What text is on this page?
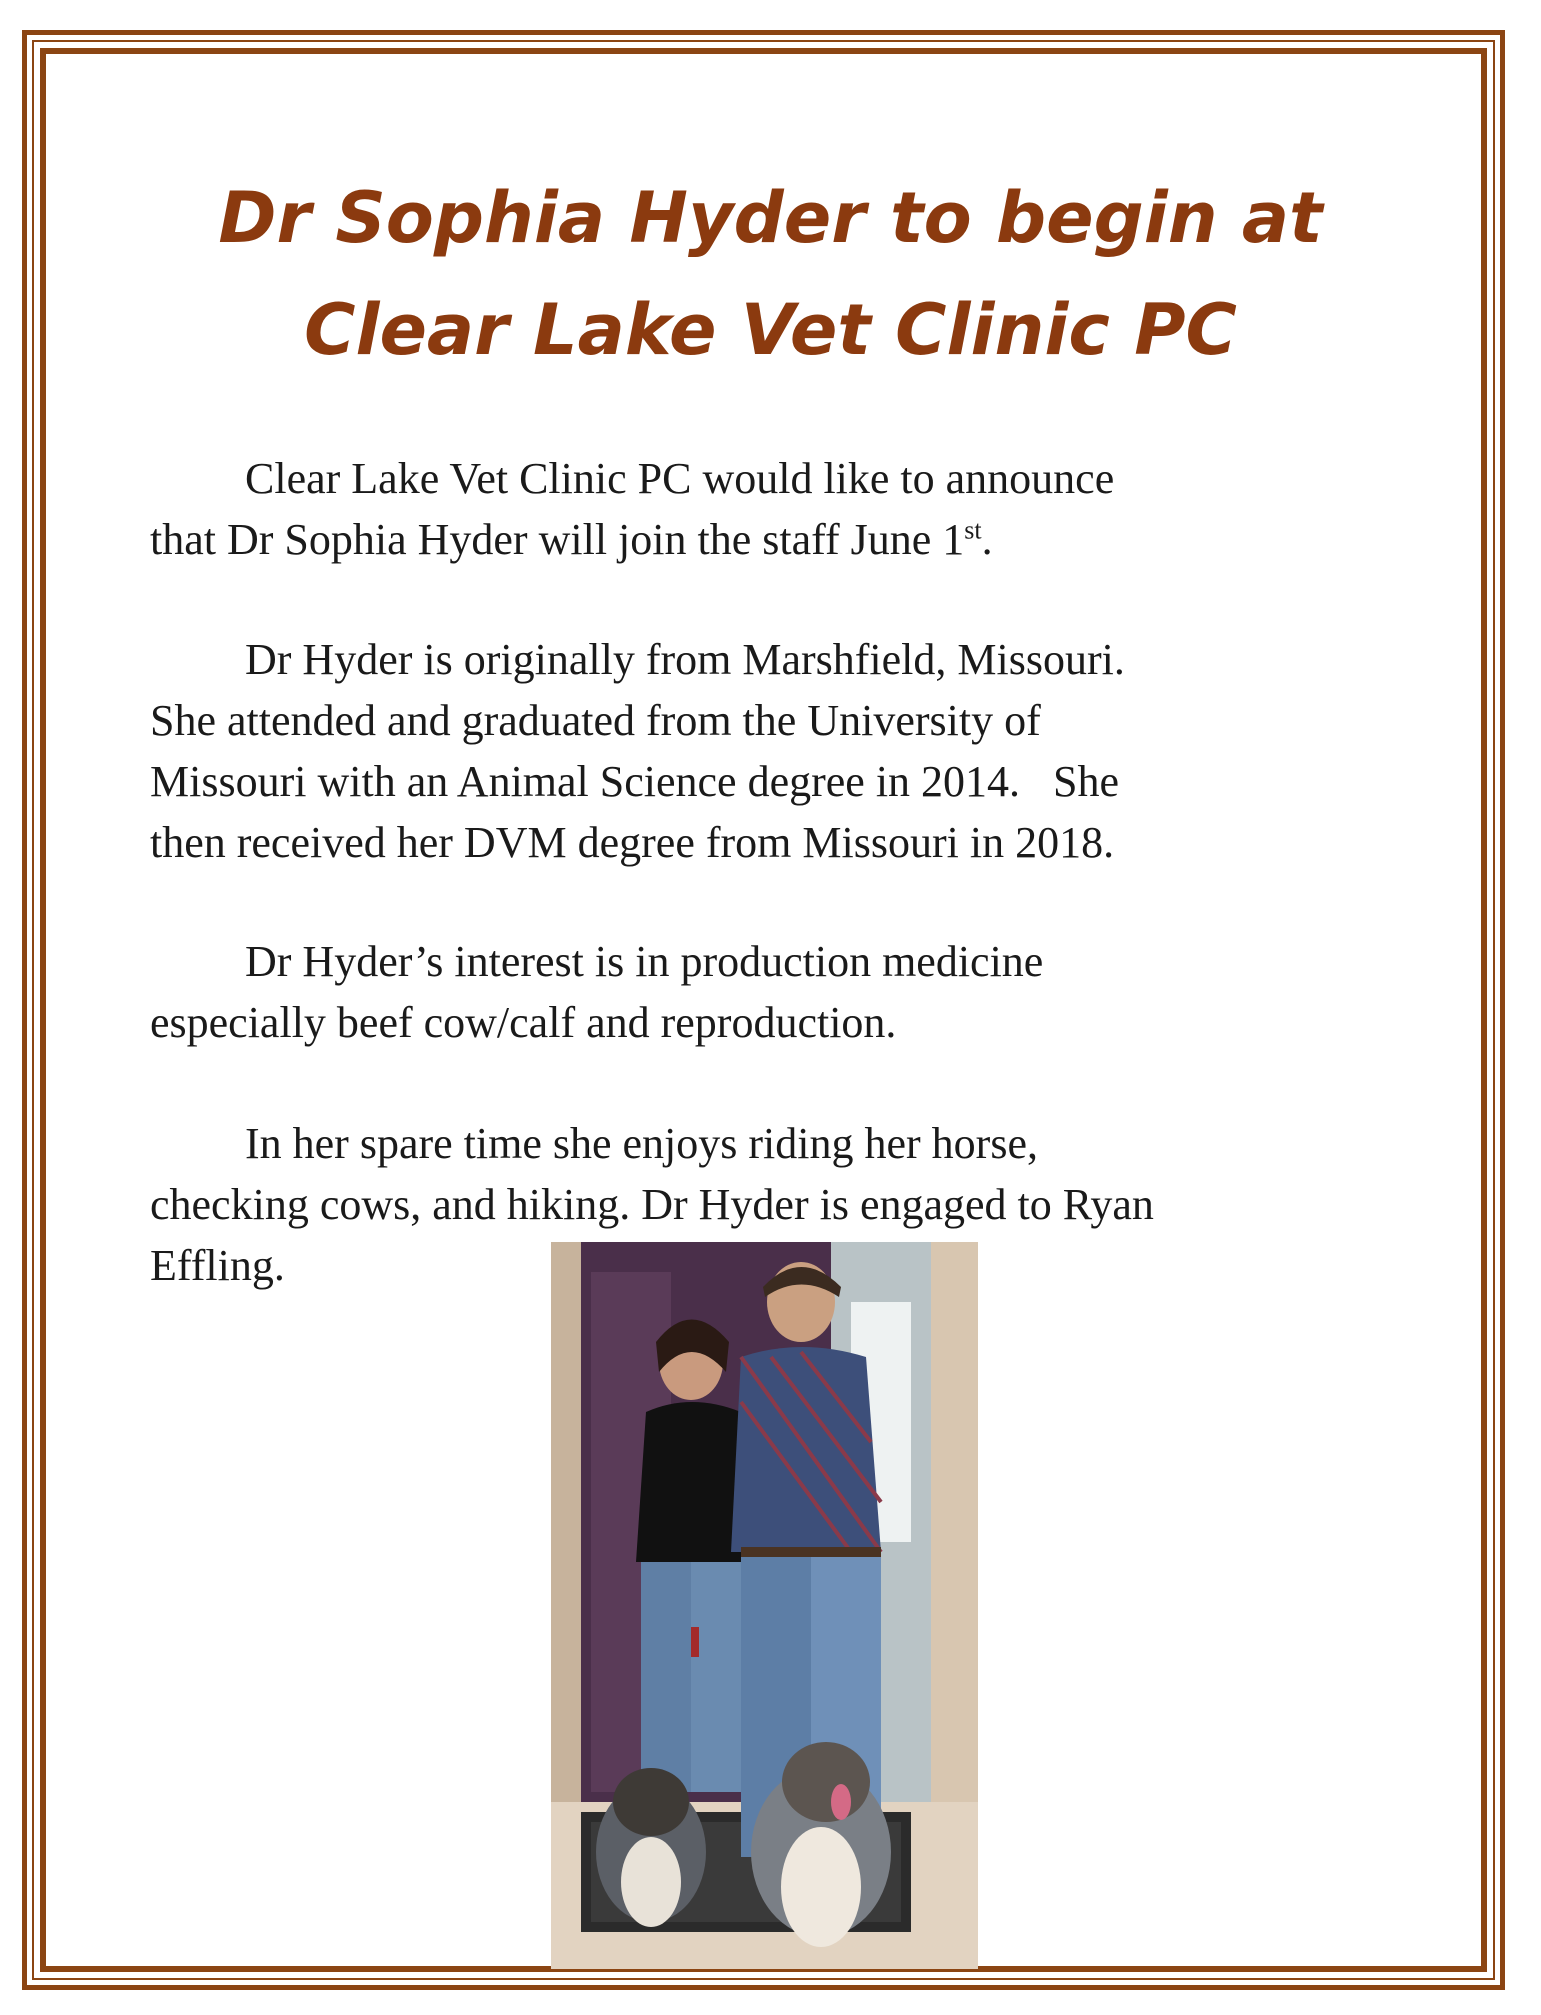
Dr Sophia Hyder to begin at
Clear Lake Vet Clinic PC

Clear Lake Vet Clinic PC would like to announce
that Dr Sophia Hyder will join the staff June 1st.

Dr Hyder is originally from Marshfield, Missouri.
She attended and graduated from the University of
Missouri with an Animal Science degree in 2014.   She
then received her DVM degree from Missouri in 2018.

Dr Hyder’s interest is in production medicine
especially beef cow/calf and reproduction.

In her spare time she enjoys riding her horse,
checking cows, and hiking. Dr Hyder is engaged to Ryan
Effling.
